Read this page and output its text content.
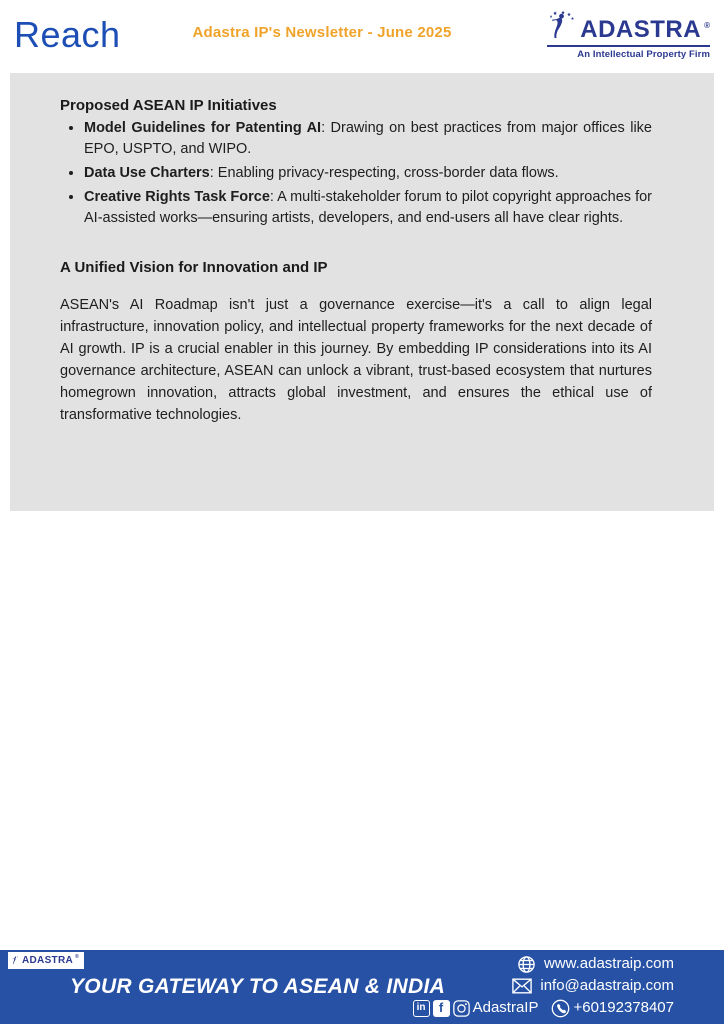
Reach	Adastra IP's Newsletter - June 2025	ADASTRA ®
An Intellectual Property Firm
Proposed ASEAN IP Initiatives
• Model Guidelines for Patenting AI: Drawing on best practices from major offices like EPO, USPTO, and WIPO.
• Data Use Charters: Enabling privacy-respecting, cross-border data flows.
• Creative Rights Task Force: A multi-stakeholder forum to pilot copyright approaches for AI-assisted works—ensuring artists, developers, and end-users all have clear rights.
A Unified Vision for Innovation and IP

ASEAN's AI Roadmap isn't just a governance exercise—it's a call to align legal infrastructure, innovation policy, and intellectual property frameworks for the next decade of AI growth. IP is a crucial enabler in this journey. By embedding IP considerations into its AI governance architecture, ASEAN can unlock a vibrant, trust-based ecosystem that nurtures homegrown innovation, attracts global investment, and ensures the ethical use of transformative technologies.

ADASTRA ®
YOUR GATEWAY TO ASEAN & INDIA
www.adastraip.com
info@adastraip.com
in	f	AdastraIP +60192378407
